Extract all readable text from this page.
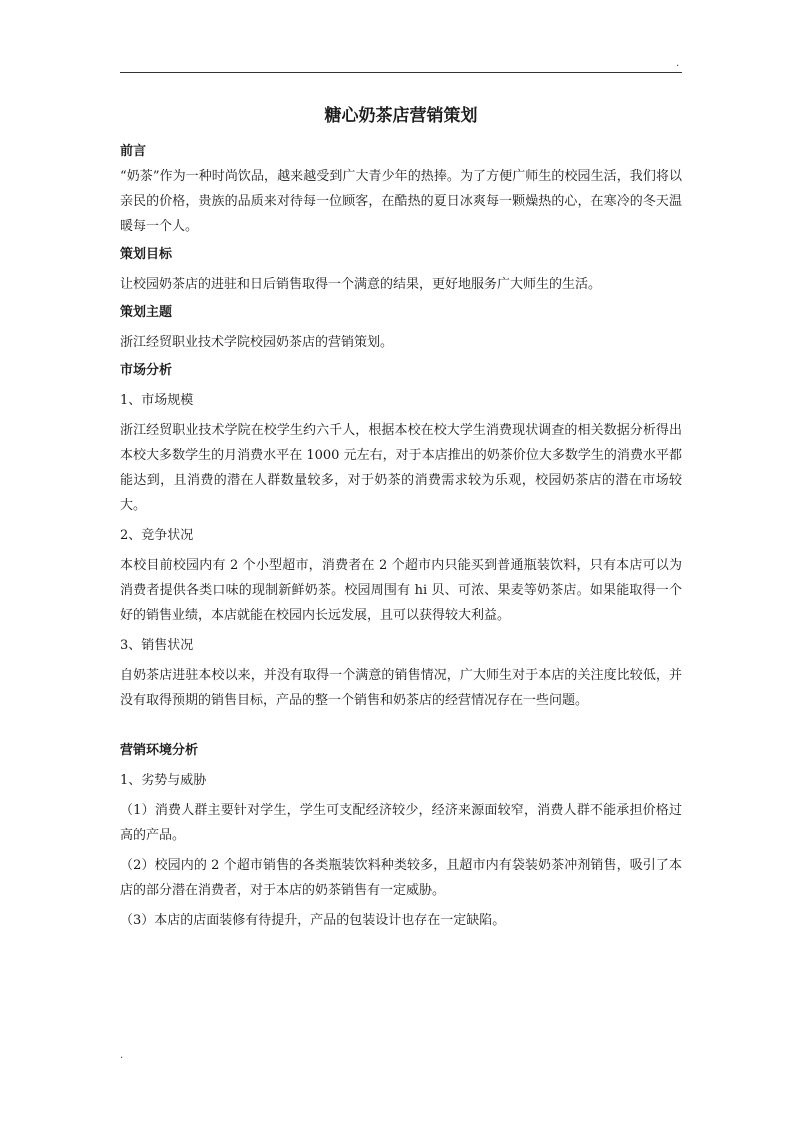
.
糖心奶茶店营销策划
前言

“奶茶”作为一种时尚饮品，越来越受到广大青少年的热捧。为了方便广师生的校园生活，我们将以亲民的价格，贵族的品质来对待每一位顾客，在酷热的夏日冰爽每一颗燥热的心，在寒冷的冬天温暖每一个人。

策划目标

让校园奶茶店的进驻和日后销售取得一个满意的结果，更好地服务广大师生的生活。

策划主题

浙江经贸职业技术学院校园奶茶店的营销策划。

市场分析

1、市场规模

浙江经贸职业技术学院在校学生约六千人，根据本校在校大学生消费现状调查的相关数据分析得出本校大多数学生的月消费水平在 1000 元左右，对于本店推出的奶茶价位大多数学生的消费水平都能达到，且消费的潜在人群数量较多，对于奶茶的消费需求较为乐观，校园奶茶店的潜在市场较大。

2、竞争状况

本校目前校园内有 2 个小型超市，消费者在 2 个超市内只能买到普通瓶装饮料，只有本店可以为消费者提供各类口味的现制新鲜奶茶。校园周围有 hi 贝、可浓、果麦等奶茶店。如果能取得一个好的销售业绩，本店就能在校园内长远发展，且可以获得较大利益。

3、销售状况

自奶茶店进驻本校以来，并没有取得一个满意的销售情况，广大师生对于本店的关注度比较低，并没有取得预期的销售目标，产品的整一个销售和奶茶店的经营情况存在一些问题。

营销环境分析

1、劣势与威胁

（1）消费人群主要针对学生，学生可支配经济较少，经济来源面较窄，消费人群不能承担价格过高的产品。

（2）校园内的 2 个超市销售的各类瓶装饮料种类较多，且超市内有袋装奶茶冲剂销售，吸引了本店的部分潜在消费者，对于本店的奶茶销售有一定威胁。

（3）本店的店面装修有待提升，产品的包装设计也存在一定缺陷。

.
